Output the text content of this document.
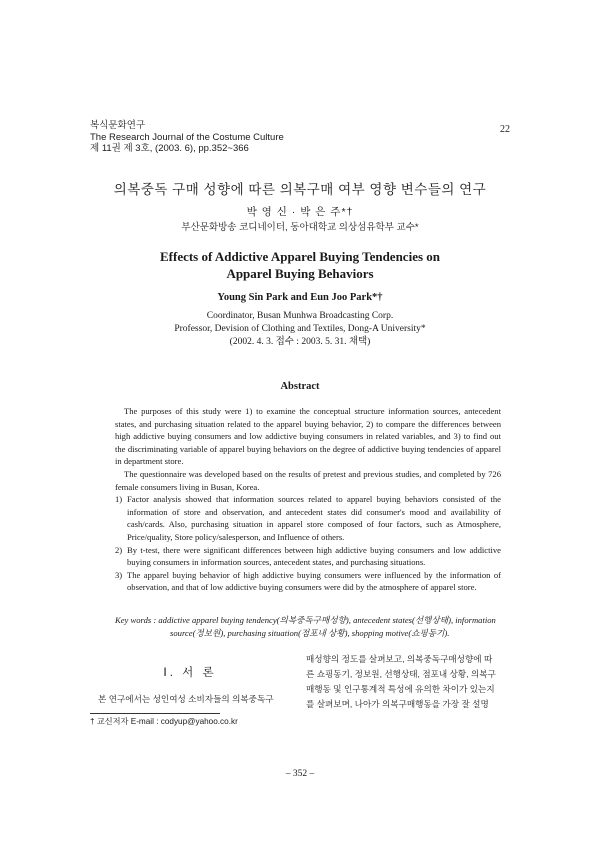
복식문화연구
The Research Journal of the Costume Culture
제 11권 제 3호, (2003. 6), pp.352~366
22
의복중독 구매 성향에 따른 의복구매 여부 영향 변수들의 연구
박 영 신 · 박 은 주*†
부산문화방송 코디네이터, 동아대학교 의상섬유학부 교수*
Effects of Addictive Apparel Buying Tendencies on
Apparel Buying Behaviors
Young Sin Park and Eun Joo Park*†
Coordinator, Busan Munhwa Broadcasting Corp.
Professor, Devision of Clothing and Textiles, Dong-A University*
(2002. 4. 3. 접수 : 2003. 5. 31. 채택)
Abstract

The purposes of this study were 1) to examine the conceptual structure information sources, antecedent states, and purchasing situation related to the apparel buying behavior, 2) to compare the differences between high addictive buying consumers and low addictive buying consumers in related variables, and 3) to find out the discriminating variable of apparel buying behaviors on the degree of addictive buying tendencies of apparel in department store.

The questionnaire was developed based on the results of pretest and previous studies, and completed by 726 female consumers living in Busan, Korea.

1) Factor analysis showed that information sources related to apparel buying behaviors consisted of the information of store and observation, and antecedent states did consumer's mood and availability of cash/cards. Also, purchasing situation in apparel store composed of four factors, such as Atmosphere, Price/quality, Store policy/salesperson, and Influence of others.
2) By t-test, there were significant differences between high addictive buying consumers and low addictive buying consumers in information sources, antecedent states, and purchasing situations.
3) The apparel buying behavior of high addictive buying consumers were influenced by the information of observation, and that of low addictive buying consumers were did by the atmosphere of apparel store.
Key words : addictive apparel buying tendency(의복중독구매성향), antecedent states(선행상태), information
source(정보원), purchasing situation(점포내 상황), shopping motive(쇼핑동기).
Ⅰ. 서 론
본 연구에서는 성인여성 소비자들의 의복중독구
매성향의 정도를 살펴보고, 의복중독구매성향에 따
른 쇼핑동기, 정보원, 선행상태, 점포내 상황, 의복구
매행동 및 인구통계적 특성에 유의한 차이가 있는지
를 살펴보며, 나아가 의복구매행동을 가장 잘 설명
† 교신저자 E-mail : codyup@yahoo.co.kr
– 352 –
